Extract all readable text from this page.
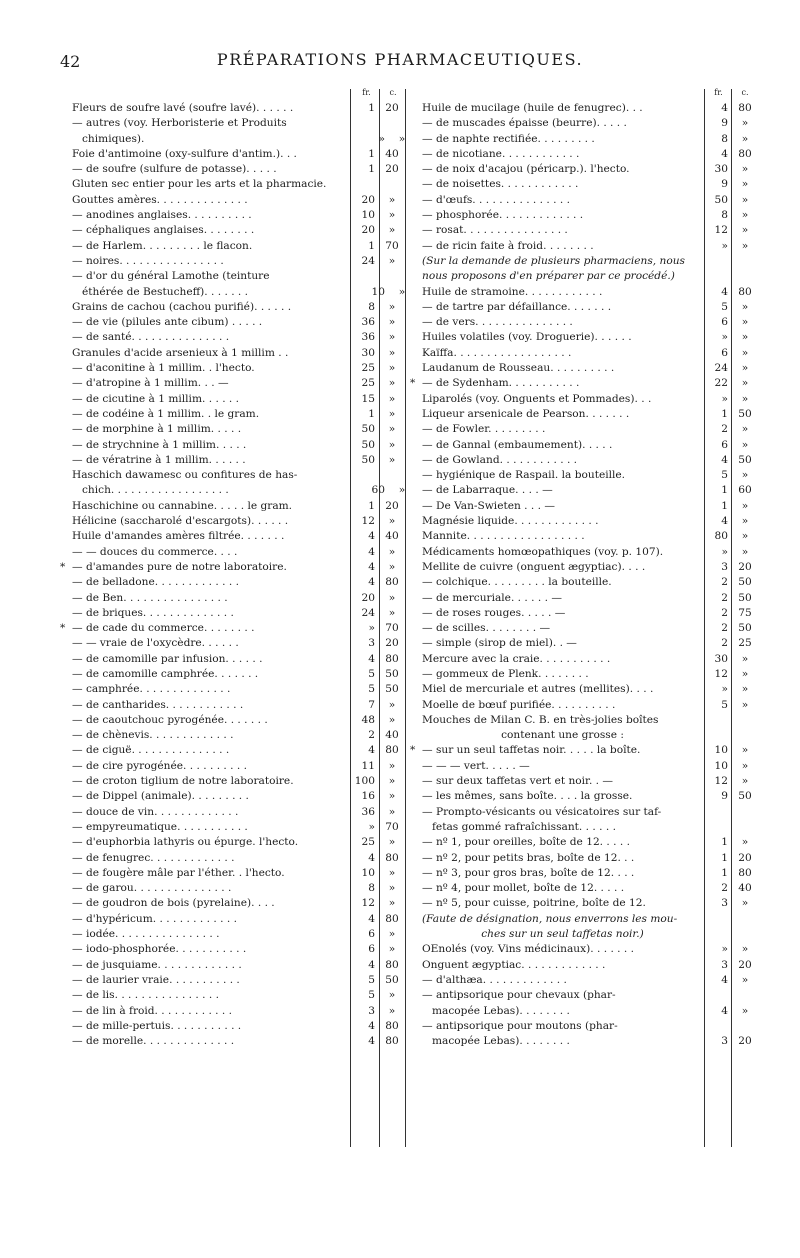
42	PRÉPARATIONS PHARMACEUTIQUES.
fr.	c.
Fleurs de soufre lavé (soufre lavé). . . . . .	1 20
— autres (voy. Herboristerie et Produits
chimiques).	»	»
Foie d'antimoine (oxy-sulfure d'antim.). . .	1 40
— de soufre (sulfure de potasse). . . . .	1 20
Gluten sec entier pour les arts et la pharmacie.
Gouttes amères. . . . . . . . . . . . . .	20	»
— anodines anglaises. . . . . . . . . .	10	»
— céphaliques anglaises. . . . . . . .	20	»
— de Harlem. . . . . . . . . le flacon.	1 70
— noires. . . . . . . . . . . . . . . .	24	»
— d'or du général Lamothe (teinture
éthérée de Bestucheff). . . . . . .	10	»
Grains de cachou (cachou purifié). . . . . .	8	»
— de vie (pilules ante cibum) . . . . .	36	»
— de santé. . . . . . . . . . . . . . .	36	»
Granules d'acide arsenieux à 1 millim . .	30	»
— d'aconitine à 1 millim. . l'hecto.	25	»
— d'atropine à 1 millim. . . —	25	»
— de cicutine à 1 millim. . . . . .	15	»
— de codéine à 1 millim. . le gram.	1	»
— de morphine à 1 millim. . . . .	50	»
— de strychnine à 1 millim. . . . .	50	»
— de vératrine à 1 millim. . . . . .	50	»
Haschich dawamesc ou confitures de has-
chich. . . . . . . . . . . . . . . . . .	60	»
Haschichine ou cannabine. . . . . le gram.	1 20
Hélicine (saccharolé d'escargots). . . . . .	12	»
Huile d'amandes amères filtrée. . . . . . .	4 40
— — douces du commerce. . . .	4	»
* — d'amandes pure de notre laboratoire.	4	»
— de belladone. . . . . . . . . . . . .	4 80
— de Ben. . . . . . . . . . . . . . . .	20	»
— de briques. . . . . . . . . . . . . .	24	»
* — de cade du commerce. . . . . . . .	» 70
— — vraie de l'oxycèdre. . . . . .	3 20
— de camomille par infusion. . . . . .	4 80
— de camomille camphrée. . . . . . .	5 50
— camphrée. . . . . . . . . . . . . .	5 50
— de cantharides. . . . . . . . . . . .	7	»
— de caoutchouc pyrogénée. . . . . . .	48	»
— de chènevis. . . . . . . . . . . . .	2 40
— de ciguë. . . . . . . . . . . . . . .	4 80
— de cire pyrogénée. . . . . . . . . .	11	»
— de croton tiglium de notre laboratoire.	100	»
— de Dippel (animale). . . . . . . . .	16	»
— douce de vin. . . . . . . . . . . . .	36	»
— empyreumatique. . . . . . . . . . .	» 70
— d'euphorbia lathyris ou épurge. l'hecto.	25	»
— de fenugrec. . . . . . . . . . . . .	4 80
— de fougère mâle par l'éther. . l'hecto.	10	»
— de garou. . . . . . . . . . . . . . .	8	»
— de goudron de bois (pyrelaine). . . .	12	»
— d'hypéricum. . . . . . . . . . . . .	4 80
— iodée. . . . . . . . . . . . . . . .	6	»
— iodo-phosphorée. . . . . . . . . . .	6	»
— de jusquiame. . . . . . . . . . . . .	4 80
— de laurier vraie. . . . . . . . . . .	5 50
— de lis. . . . . . . . . . . . . . . .	5	»
— de lin à froid. . . . . . . . . . . .	3	»
— de mille-pertuis. . . . . . . . . . .	4 80
— de morelle. . . . . . . . . . . . . .	4 80
fr.	c.
Huile de mucilage (huile de fenugrec). . .	4 80
— de muscades épaisse (beurre). . . . .	9	»
— de naphte rectifiée. . . . . . . . .	8	»
— de nicotiane. . . . . . . . . . . .	4 80
— de noix d'acajou (péricarp.). l'hecto.	30	»
— de noisettes. . . . . . . . . . . .	9	»
— d'œufs. . . . . . . . . . . . . . .	50	»
— phosphorée. . . . . . . . . . . . .	8	»
— rosat. . . . . . . . . . . . . . . .	12	»
— de ricin faite à froid. . . . . . . .	»	»
(Sur la demande de plusieurs pharmaciens, nous
nous proposons d'en préparer par ce procédé.)
Huile de stramoine. . . . . . . . . . . .	4 80
— de tartre par défaillance. . . . . . .	5	»
— de vers. . . . . . . . . . . . . . .	6	»
Huiles volatiles (voy. Droguerie). . . . . .	»	»
Kaïffa. . . . . . . . . . . . . . . . . .	6	»
Laudanum de Rousseau. . . . . . . . . .	24	»
* — de Sydenham. . . . . . . . . . .	22	»
Liparolés (voy. Onguents et Pommades). . .	»	»
Liqueur arsenicale de Pearson. . . . . . .	1 50
— de Fowler. . . . . . . . .	2	»
— de Gannal (embaumement). . . . .	6	»
— de Gowland. . . . . . . . . . . .	4 50
— hygiénique de Raspail. la bouteille.	5	»
— de Labarraque. . . . —	1 60
— De Van-Swieten . . . —	1	»
Magnésie liquide. . . . . . . . . . . . .	4	»
Mannite. . . . . . . . . . . . . . . . . .	80	»
Médicaments homœopathiques (voy. p. 107).	»	»
Mellite de cuivre (onguent ægyptiac). . . .	3 20
— colchique. . . . . . . . . la bouteille.	2 50
— de mercuriale. . . . . . —	2 50
— de roses rouges. . . . . —	2 75
— de scilles. . . . . . . . —	2 50
— simple (sirop de miel). . —	2 25
Mercure avec la craie. . . . . . . . . . .	30	»
— gommeux de Plenk. . . . . . . .	12	»
Miel de mercuriale et autres (mellites). . . .	»	»
Moelle de bœuf purifiée. . . . . . . . . .	5	»
Mouches de Milan C. B. en très-jolies boîtes
contenant une grosse :
* — sur un seul taffetas noir. . . . . la boîte.	10	»
— — — vert. . . . . —	10	»
— sur deux taffetas vert et noir. . —	12	»
— les mêmes, sans boîte. . . . la grosse.	9 50
— Prompto-vésicants ou vésicatoires sur taf-
fetas gommé rafraîchissant. . . . . .
— nº 1, pour oreilles, boîte de 12. . . . .	1	»
— nº 2, pour petits bras, boîte de 12. . .	1 20
— nº 3, pour gros bras, boîte de 12. . . .	1 80
— nº 4, pour mollet, boîte de 12. . . . .	2 40
— nº 5, pour cuisse, poitrine, boîte de 12.	3	»
(Faute de désignation, nous enverrons les mou-
ches sur un seul taffetas noir.)
OEnolés (voy. Vins médicinaux). . . . . . .	»	»
Onguent ægyptiac. . . . . . . . . . . . .	3 20
— d'althæa. . . . . . . . . . . . .	4	»
— antipsorique pour chevaux (phar-
macopée Lebas). . . . . . . .	4	»
— antipsorique pour moutons (phar-
macopée Lebas). . . . . . . .	3 20
